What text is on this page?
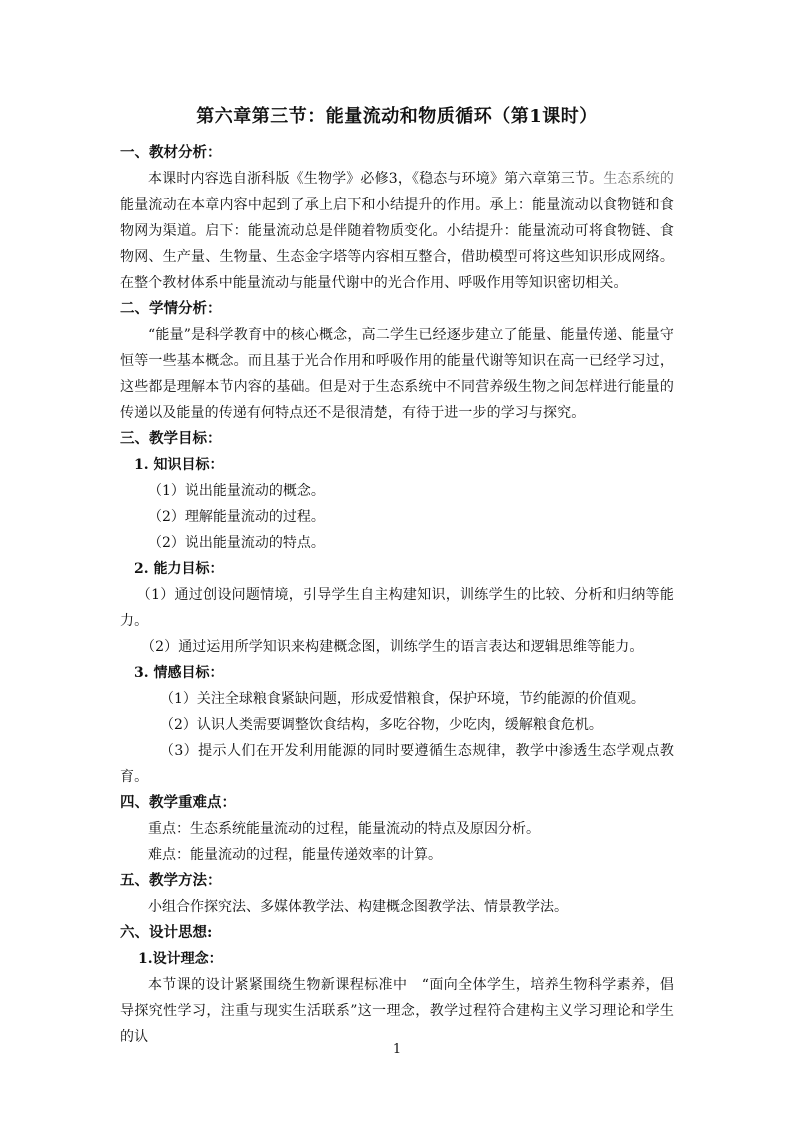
第六章第三节：能量流动和物质循环（第1课时）
一、教材分析：
本课时内容选自浙科版《生物学》必修3，《稳态与环境》第六章第三节。生态系统的能量流动在本章内容中起到了承上启下和小结提升的作用。承上：能量流动以食物链和食物网为渠道。启下：能量流动总是伴随着物质变化。小结提升：能量流动可将食物链、食物网、生产量、生物量、生态金字塔等内容相互整合，借助模型可将这些知识形成网络。在整个教材体系中能量流动与能量代谢中的光合作用、呼吸作用等知识密切相关。
二、学情分析：
“能量”是科学教育中的核心概念，高二学生已经逐步建立了能量、能量传递、能量守恒等一些基本概念。而且基于光合作用和呼吸作用的能量代谢等知识在高一已经学习过，这些都是理解本节内容的基础。但是对于生态系统中不同营养级生物之间怎样进行能量的传递以及能量的传递有何特点还不是很清楚，有待于进一步的学习与探究。
三、教学目标：
1. 知识目标：
（1）说出能量流动的概念。
（2）理解能量流动的过程。
（2）说出能量流动的特点。
2. 能力目标：
（1）通过创设问题情境，引导学生自主构建知识，训练学生的比较、分析和归纳等能力。
（2）通过运用所学知识来构建概念图，训练学生的语言表达和逻辑思维等能力。
3. 情感目标：
（1）关注全球粮食紧缺问题，形成爱惜粮食，保护环境，节约能源的价值观。
（2）认识人类需要调整饮食结构，多吃谷物，少吃肉，缓解粮食危机。
（3）提示人们在开发利用能源的同时要遵循生态规律，教学中渗透生态学观点教育。
四、教学重难点：
重点：生态系统能量流动的过程，能量流动的特点及原因分析。
难点：能量流动的过程，能量传递效率的计算。
五、教学方法：
小组合作探究法、多媒体教学法、构建概念图教学法、情景教学法。
六、设计思想:
1.设计理念：
本节课的设计紧紧围绕生物新课程标准中　“面向全体学生，培养生物科学素养，倡导探究性学习，注重与现实生活联系”这一理念，教学过程符合建构主义学习理论和学生的认
1
